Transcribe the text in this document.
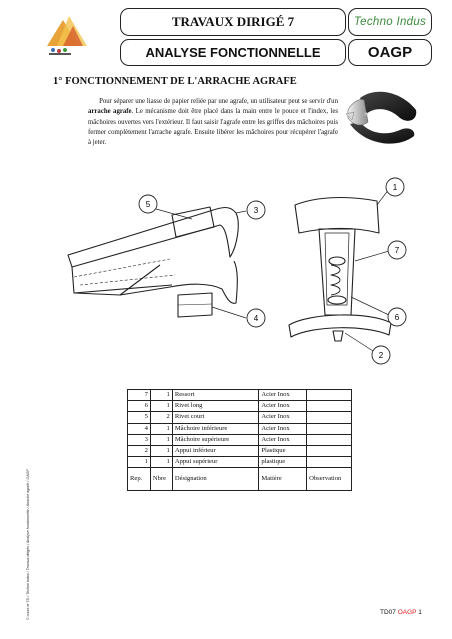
TRAVAUX DIRIGÉ 7
ANALYSE FONCTIONNELLE
Techno Indus
OAGP
© cours et TD / Techno Indus / Travaux dirigés / Analyse fonctionnelle / Arrache agrafe / OAGP
1° FONCTIONNEMENT DE L'ARRACHE AGRAFE
Pour séparer une liasse de papier reliée par une agrafe, un utilisateur peut se servir d'un arrache agrafe. Le mécanisme doit être placé dans la main entre le pouce et l'index, les mâchoires ouvertes vers l'extérieur. Il faut saisir l'agrafe entre les griffes des mâchoires puis fermer complètement l'arrache agrafe. Ensuite libérer les mâchoires pour récupérer l'agrafe à jeter.
5
3
4
1
7
6
2
7	1	Ressort	Acier Inox	
6	1	Rivet long	Acier Inox	
5	2	Rivet court	Acier Inox	
4	1	Mâchoire inférieure	Acier Inox	
3	1	Mâchoire supérieure	Acier Inox	
2	1	Appui inférieur	Plastique	
1	1	Appui supérieur	plastique	
Rep.	Nbre	Désignation	Matière	Observation
TD07 OAGP 1
